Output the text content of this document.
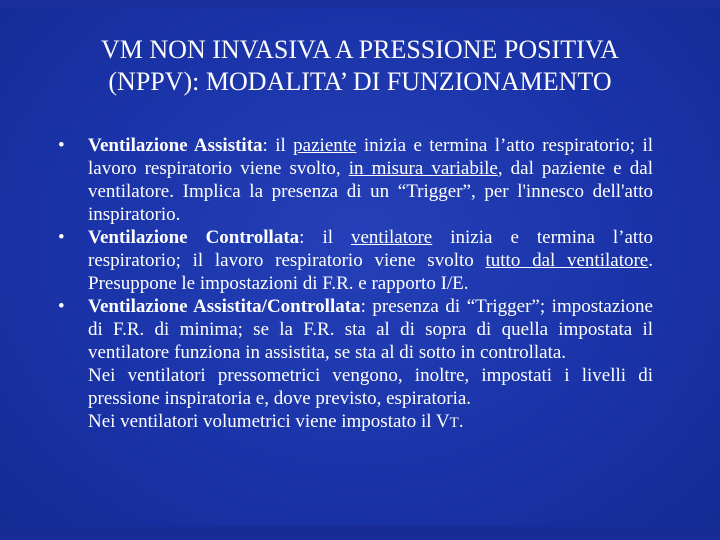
VM NON INVASIVA A PRESSIONE POSITIVA
(NPPV): MODALITA’ DI FUNZIONAMENTO

• Ventilazione Assistita: il paziente inizia e termina l’atto respiratorio; il lavoro respiratorio viene svolto, in misura variabile, dal paziente e dal ventilatore. Implica la presenza di un “Trigger”, per l'innesco dell'atto inspiratorio.

• Ventilazione Controllata: il ventilatore inizia e termina l’atto respiratorio; il lavoro respiratorio viene svolto tutto dal ventilatore. Presuppone le impostazioni di F.R. e rapporto I/E.

• Ventilazione Assistita/Controllata: presenza di “Trigger”; impostazione di F.R. di minima; se la F.R. sta al di sopra di quella impostata il ventilatore funziona in assistita, se sta al di sotto in controllata.

Nei ventilatori pressometrici vengono, inoltre, impostati i livelli di pressione inspiratoria e, dove previsto, espiratoria.

Nei ventilatori volumetrici viene impostato il VT.
